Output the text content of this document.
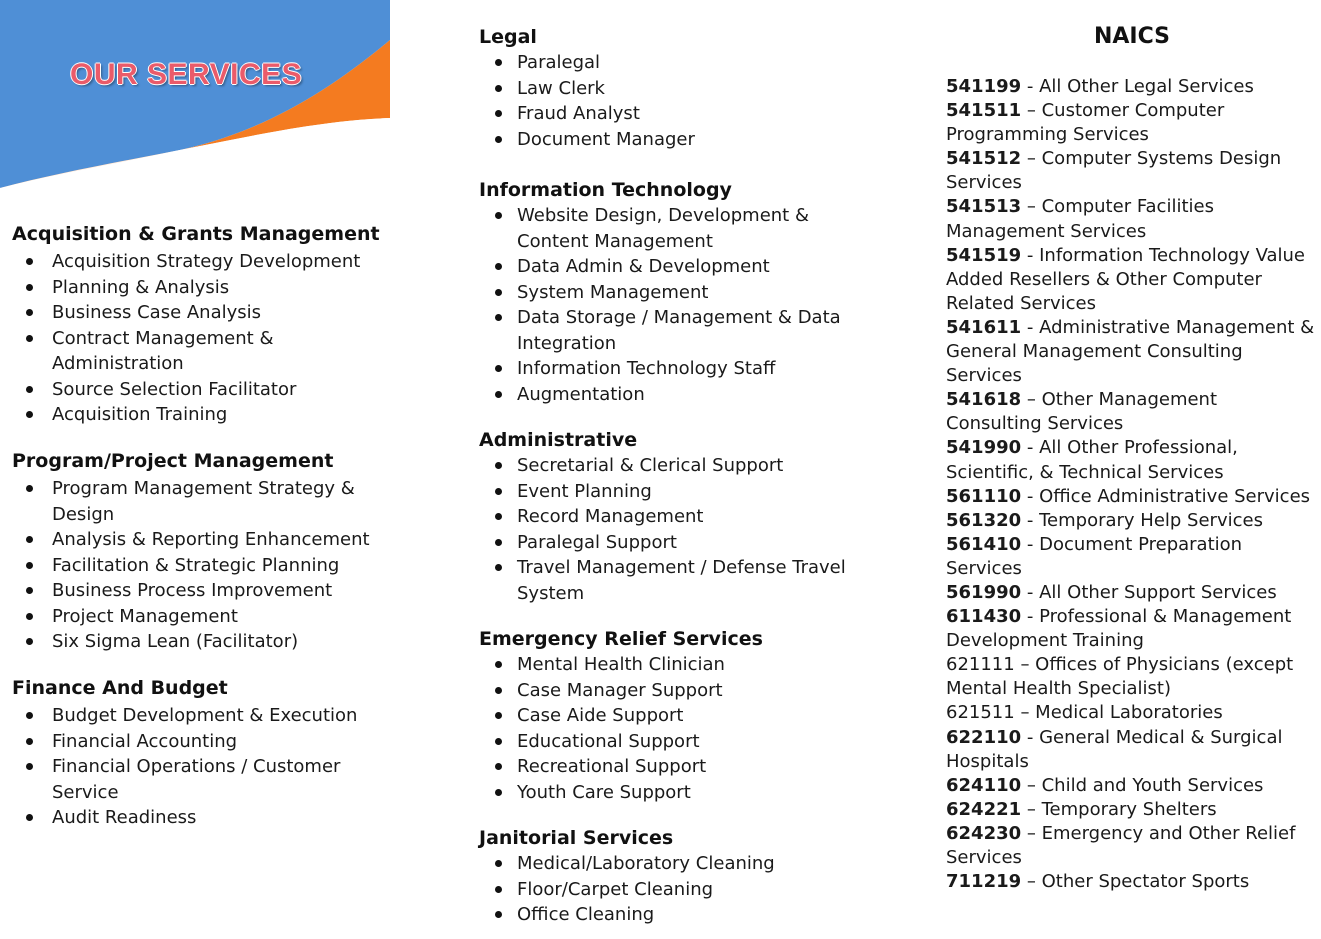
OUR SERVICES
Acquisition & Grants Management
Acquisition Strategy Development
Planning & Analysis
Business Case Analysis
Contract Management & Administration
Source Selection Facilitator
Acquisition Training
Program/Project Management
Program Management Strategy & Design
Analysis & Reporting Enhancement
Facilitation & Strategic Planning
Business Process Improvement
Project Management
Six Sigma Lean (Facilitator)
Finance And Budget
Budget Development & Execution
Financial Accounting
Financial Operations / Customer Service
Audit Readiness
Legal
Paralegal
Law Clerk
Fraud Analyst
Document Manager
Information Technology
Website Design, Development & Content Management
Data Admin & Development
System Management
Data Storage / Management & Data Integration
Information Technology Staff
Augmentation
Administrative
Secretarial & Clerical Support
Event Planning
Record Management
Paralegal Support
Travel Management / Defense Travel System
Emergency Relief Services
Mental Health Clinician
Case Manager Support
Case Aide Support
Educational Support
Recreational Support
Youth Care Support
Janitorial Services
Medical/Laboratory Cleaning
Floor/Carpet Cleaning
Office Cleaning
NAICS
541199 - All Other Legal Services
541511 – Customer Computer Programming Services
541512 – Computer Systems Design Services
541513 – Computer Facilities Management Services
541519 - Information Technology Value Added Resellers & Other Computer Related Services
541611 - Administrative Management & General Management Consulting Services
541618 – Other Management Consulting Services
541990 - All Other Professional, Scientific, & Technical Services
561110 - Office Administrative Services
561320 - Temporary Help Services
561410 - Document Preparation Services
561990 - All Other Support Services
611430 - Professional & Management Development Training
621111 – Offices of Physicians (except Mental Health Specialist)
621511 – Medical Laboratories
622110 - General Medical & Surgical Hospitals
624110 – Child and Youth Services
624221 – Temporary Shelters
624230 – Emergency and Other Relief Services
711219 – Other Spectator Sports
